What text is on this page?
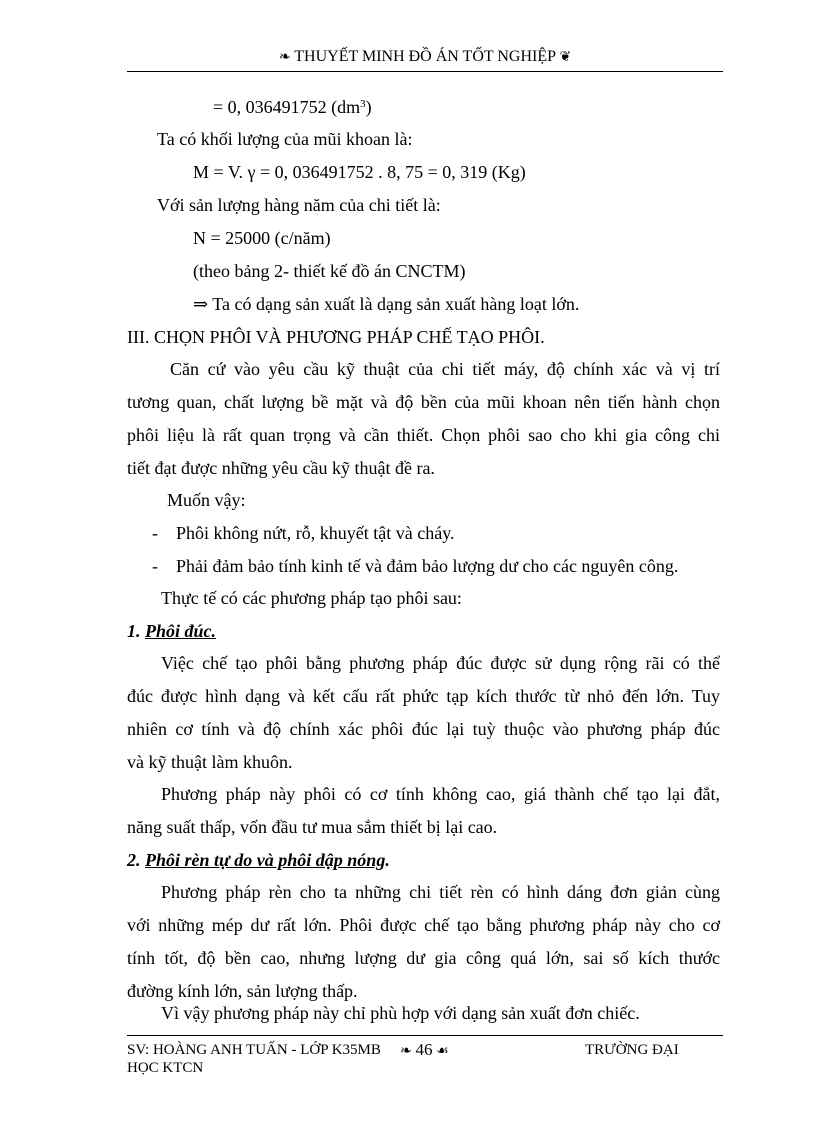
❧ THUYẾT MINH ĐỒ ÁN TỐT NGHIỆP ❦
= 0, 036491752 $(dm^3)$
Ta có khối lượng của mũi khoan là:
M = V. γ = 0, 036491752 . 8, 75 = 0, 319 (Kg)
Với sản lượng hàng năm của chi tiết là:
N = 25000 (c/năm)
(theo bảng 2- thiết kế đồ án CNCTM)
⇒ Ta có dạng sản xuất là dạng sản xuất hàng loạt lớn.
III. CHỌN PHÔI VÀ PHƯƠNG PHÁP CHẾ TẠO PHÔI.
Căn cứ vào yêu cầu kỹ thuật của chi tiết máy, độ chính xác và vị trí
tương quan, chất lượng bề mặt và độ bền của mũi khoan nên tiến hành chọn
phôi liệu là rất quan trọng và cần thiết. Chọn phôi sao cho khi gia công chi
tiết đạt được những yêu cầu kỹ thuật đề ra.
Muốn vậy:
- Phôi không nứt, rỗ, khuyết tật và cháy.
- Phải đảm bảo tính kinh tế và đảm bảo lượng dư cho các nguyên công.
Thực tế có các phương pháp tạo phôi sau:
1. Phôi đúc.
Việc chế tạo phôi bằng phương pháp đúc được sử dụng rộng rãi có thể
đúc được hình dạng và kết cấu rất phức tạp kích thước từ nhỏ đến lớn. Tuy
nhiên cơ tính và độ chính xác phôi đúc lại tuỳ thuộc vào phương pháp đúc
và kỹ thuật làm khuôn.
Phương pháp này phôi có cơ tính không cao, giá thành chế tạo lại đắt,
năng suất thấp, vốn đầu tư mua sắm thiết bị lại cao.
2. Phôi rèn tự do và phôi dập nóng.
Phương pháp rèn cho ta những chi tiết rèn có hình dáng đơn giản cùng
với những mép dư rất lớn. Phôi được chế tạo bằng phương pháp này cho cơ
tính tốt, độ bền cao, nhưng lượng dư gia công quá lớn, sai số kích thước
đường kính lớn, sản lượng thấp.
Vì vậy phương pháp này chỉ phù hợp với dạng sản xuất đơn chiếc.
SV: HOÀNG ANH TUẤN - LỚP K35MB ❧ 46 ☙	TRƯỜNG ĐẠI
HỌC KTCN
